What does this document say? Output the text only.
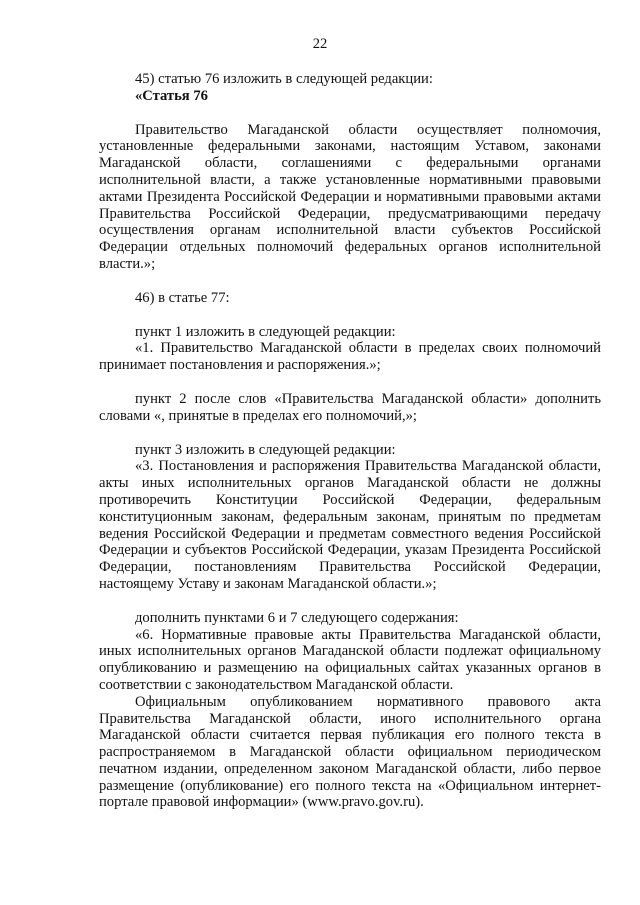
22

45) статью 76 изложить в следующей редакции:

«Статья 76

Правительство Магаданской области осуществляет полномочия, установленные федеральными законами, настоящим Уставом, законами Магаданской области, соглашениями с федеральными органами исполнительной власти, а также установленные нормативными правовыми актами Президента Российской Федерации и нормативными правовыми актами Правительства Российской Федерации, предусматривающими передачу осуществления органам исполнительной власти субъектов Российской Федерации отдельных полномочий федеральных органов исполнительной власти.»;

46) в статье 77:

пункт 1 изложить в следующей редакции:

«1. Правительство Магаданской области в пределах своих полномочий принимает постановления и распоряжения.»;

пункт 2 после слов «Правительства Магаданской области» дополнить словами «, принятые в пределах его полномочий,»;

пункт 3 изложить в следующей редакции:

«3. Постановления и распоряжения Правительства Магаданской области, акты иных исполнительных органов Магаданской области не должны противоречить Конституции Российской Федерации, федеральным конституционным законам, федеральным законам, принятым по предметам ведения Российской Федерации и предметам совместного ведения Российской Федерации и субъектов Российской Федерации, указам Президента Российской Федерации, постановлениям Правительства Российской Федерации, настоящему Уставу и законам Магаданской области.»;

дополнить пунктами 6 и 7 следующего содержания:

«6. Нормативные правовые акты Правительства Магаданской области, иных исполнительных органов Магаданской области подлежат официальному опубликованию и размещению на официальных сайтах указанных органов в соответствии с законодательством Магаданской области.

Официальным опубликованием нормативного правового акта Правительства Магаданской области, иного исполнительного органа Магаданской области считается первая публикация его полного текста в распространяемом в Магаданской области официальном периодическом печатном издании, определенном законом Магаданской области, либо первое размещение (опубликование) его полного текста на «Официальном интернет-портале правовой информации» (www.pravo.gov.ru).
